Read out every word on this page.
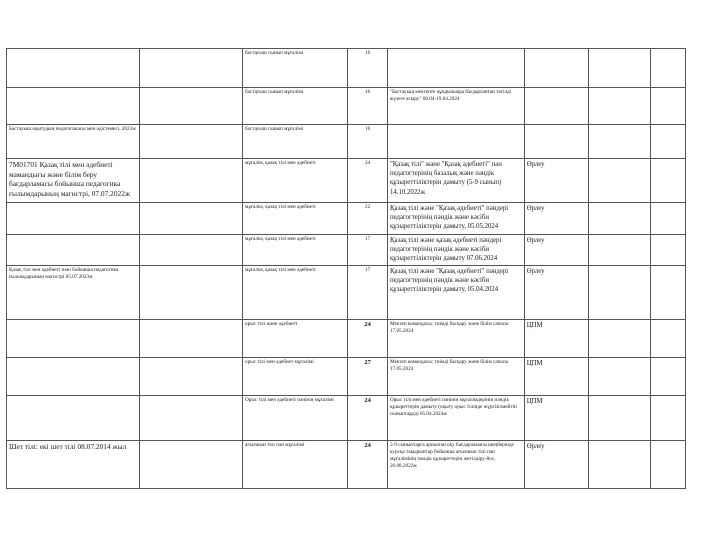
		бастауыш сынып мұғалімі	16				
		бастауыш сынып мұғалімі	16	"Бастауыш мектепте құндылыққа бағдарланған тәсілді жүзеге асыру" 08.04-19.04.2024			
Бастауыш оқытудың педагогикасы мен әдістемесі, 2023ж		бастауыш сынып мұғалімі	16				
7М01701 Қазақ тілі мен әдебиеті мамандығы және білім беру бағдарламасы бойынша педагогика ғылымдарының магистрі, 07.07.2022ж		мұғалім, қазақ тілі мен әдебиеті	24	"Қазақ тілі" және "Қазақ әдебиеті" пән педагогтерінің базалық және пәндік құзыреттіліктерін дамыту (5-9 сынып) 14.10.2022ж	Өрлеу		
		мұғалім, қазақ тілі мен әдебиеті	22	Қазақ тілі және "Қазақ әдебиеті" пәндері педагогтерінің пәндік және кәсіби құзыреттіліктерін дамыту, 05.05.2024	Өрлеу		
		мұғалім, қазақ тілі мен әдебиеті	17	Қазақ тілі және қазақ әдебиеті пәндері педагогтерінің пәндік және кәсіби құзыреттіліктерін дамыту 07.06.2024	Өрлеу		
Қазақ тілі мен әдебиеті пәні бойынша педагогика ғылымдарының магистрі 05.07.2023ж		мұғалім, қазақ тілі мен әдебиеті	17	Қазақ тілі және "Қазақ әдебиеті" пәндері педагогтерінің пәндік және кәсіби құзыреттіліктерін дамыту, 05.04.2024	Өрлеу		
		орыс тілі және әдебиеті	24	Мектеп командасы: тиімді басқару және білім сапасы 17.05.2024	ЦПМ		
		орыс тілі мен әдебиет мұғалімі	27	Мектеп командасы: тиімді басқару және білім сапасы 17.05.2024	ЦПМ		
		Орыс тілі мен әдебиеті пәнінің мұғалімі	24	Орыс тілі мен әдебиеті пәнінің мұғалімдерінің пәндік құзыреттерін дамыту (оқыту орыс тілінде жүргізілмейтін сыныптарда) 05.04.2024ж	ЦПМ		
Шет тілі: екі шет тілі 08.07.2014 жыл		ағылшын тілі пән мұғалімі	24	5-9 сыныптарға арналған оқу бағдарламасы шеңберінде курсқа тақырыптар бойынша ағылшын тілі пән мұғалімінің пәндік құзыреттерін жетілдіру-8ос, 26.08.2022ж	Өрлеу		
